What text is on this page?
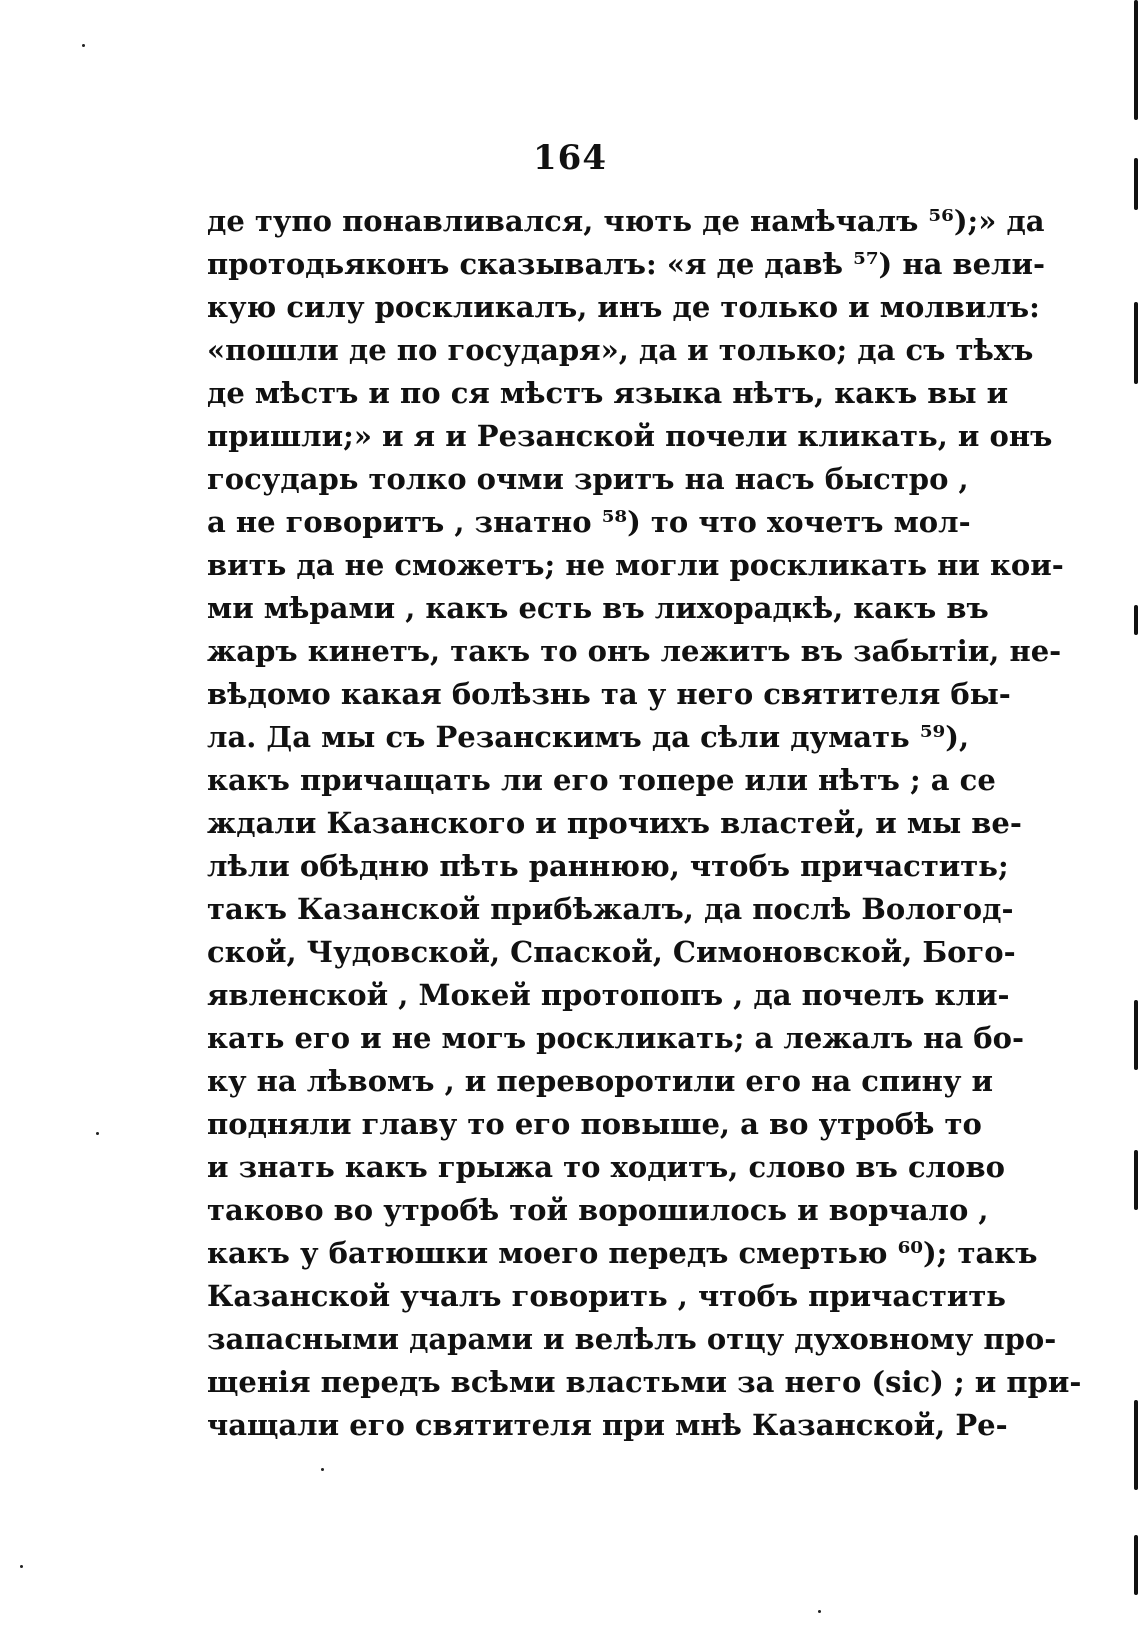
164
де тупо понавливался, чють де намѣчалъ ⁵⁶);» да
протодьяконъ сказывалъ: «я де давѣ ⁵⁷) на вели-
кую силу роскликалъ, инъ де только и молвилъ:
«пошли де по государя», да и только; да съ тѣхъ
де мѣстъ и по ся мѣстъ языка нѣтъ, какъ вы и
пришли;» и я и Резанской почели кликать, и онъ
государь толко очми зритъ на насъ быстро ,
а не говоритъ , знатно ⁵⁸) то что хочетъ мол-
вить да не сможетъ; не могли роскликать ни кои-
ми мѣрами , какъ есть въ лихорадкѣ, какъ въ
жаръ кинетъ, такъ то онъ лежитъ въ забытіи, не-
вѣдомо какая болѣзнь та у него святителя бы-
ла. Да мы съ Резанскимъ да сѣли думать ⁵⁹),
какъ причащать ли его топере или нѣтъ ; а се
ждали Казанского и прочихъ властей, и мы ве-
лѣли обѣдню пѣть раннюю, чтобъ причастить;
такъ Казанской прибѣжалъ, да послѣ Вологод-
ской, Чудовской, Спаской, Симоновской, Бого-
явленской , Мокей протопопъ , да почелъ кли-
кать его и не могъ роскликать; а лежалъ на бо-
ку на лѣвомъ , и переворотили его на спину и
подняли главу то его повыше, а во утробѣ то
и знать какъ грыжа то ходитъ, слово въ слово
таково во утробѣ той ворошилось и ворчало ,
какъ у батюшки моего передъ смертью ⁶⁰); такъ
Казанской учалъ говорить , чтобъ причастить
запасными дарами и велѣлъ отцу духовному про-
щенія передъ всѣми властьми за него (sic) ; и при-
чащали его святителя при мнѣ Казанской, Ре-
